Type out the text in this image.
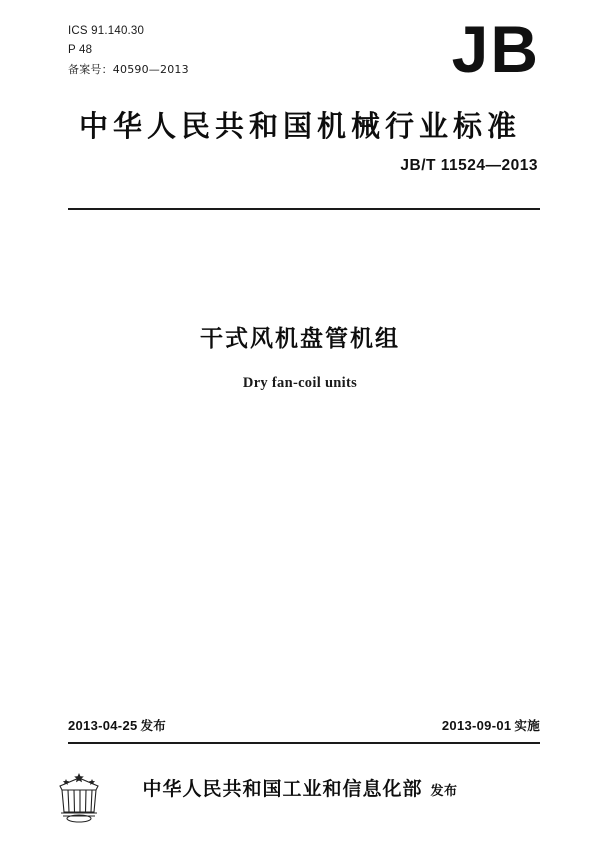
ICS 91.140.30
P 48
备案号：40590—2013	JB
中华人民共和国机械行业标准
JB/T 11524—2013
干式风机盘管机组
Dry fan-coil units
2013-04-25 发布	2013-09-01 实施
中华人民共和国工业和信息化部 发布
